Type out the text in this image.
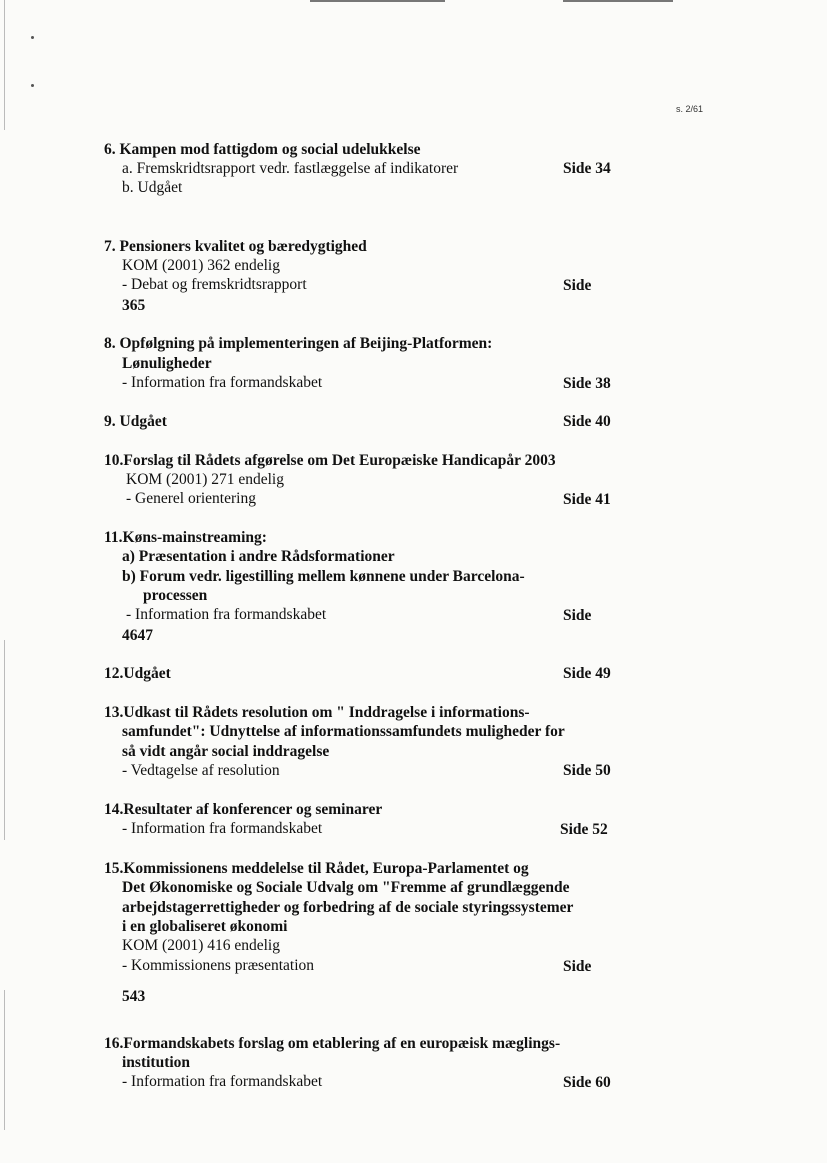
s. 2/61
6. Kampen mod fattigdom og social udelukkelse
a. Fremskridtsrapport vedr. fastlæggelse af indikatorer	Side 34
b. Udgået
7. Pensioners kvalitet og bæredygtighed
KOM (2001) 362 endelig
- Debat og fremskridtsrapport	Side
365
8. Opfølgning på implementeringen af Beijing-Platformen:
Lønuligheder
- Information fra formandskabet	Side 38
9. Udgået	Side 40
10.Forslag til Rådets afgørelse om Det Europæiske Handicapår 2003
KOM (2001) 271 endelig
- Generel orientering	Side 41
11.Køns-mainstreaming:
a) Præsentation i andre Rådsformationer
b) Forum vedr. ligestilling mellem kønnene under Barcelona-
processen
- Information fra formandskabet	Side
4647
12.Udgået	Side 49
13.Udkast til Rådets resolution om " Inddragelse i informations-
samfundet": Udnyttelse af informationssamfundets muligheder for
så vidt angår social inddragelse
- Vedtagelse af resolution	Side 50
14.Resultater af konferencer og seminarer
- Information fra formandskabet	Side 52
15.Kommissionens meddelelse til Rådet, Europa-Parlamentet og
Det Økonomiske og Sociale Udvalg om "Fremme af grundlæggende
arbejdstagerrettigheder og forbedring af de sociale styringssystemer
i en globaliseret økonomi
KOM (2001) 416 endelig
- Kommissionens præsentation	Side
543
16.Formandskabets forslag om etablering af en europæisk mæglings-
institution
- Information fra formandskabet	Side 60
